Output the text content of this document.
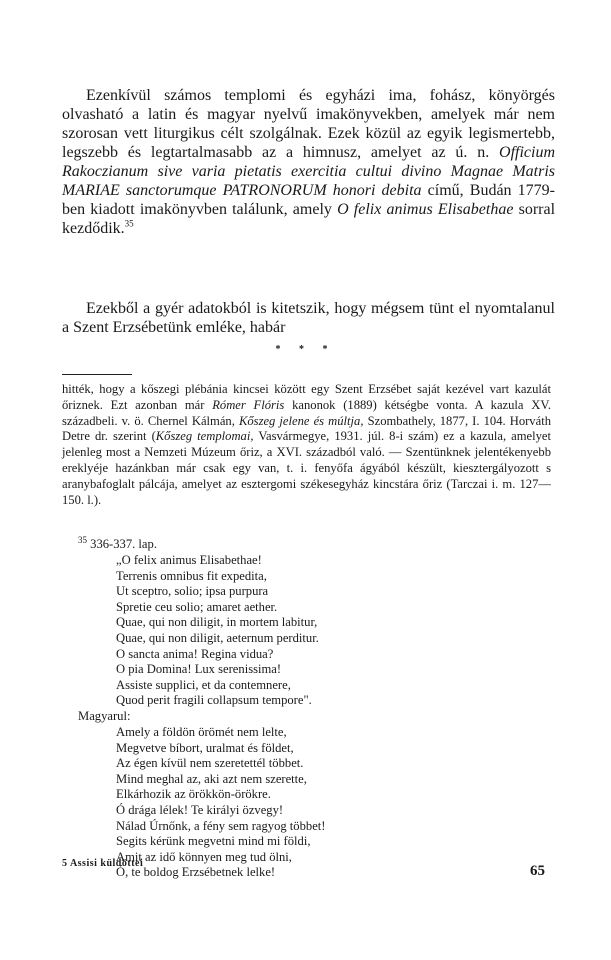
Ezenkívül számos templomi és egyházi ima, fohász, könyörgés olvasható a latin és magyar nyelvű imakönyvekben, amelyek már nem szorosan vett liturgikus célt szolgálnak. Ezek közül az egyik legismertebb, legszebb és legtartalmasabb az a himnusz, amelyet az ú. n. Officium Rakoczianum sive varia pietatis exercitia cultui divino Magnae Matris MARIAE sanctorumque PATRONORUM honori debita című, Budán 1779-ben kiadott imakönyvben találunk, amely O felix animus Elisabethae sorral kezdődik.$^{35}$

* * *

Ezekből a gyér adatokból is kitetszik, hogy mégsem tünt el nyomtalanul a Szent Erzsébetünk emléke, habár

hitték, hogy a kőszegi plébánia kincsei között egy Szent Erzsébet saját kezével vart kazulát őriznek. Ezt azonban már Rómer Flóris kanonok (1889) kétségbe vonta. A kazula XV. századbeli. v. ö. Chernel Kálmán, Kőszeg jelene és múltja, Szombathely, 1877, I. 104. Horváth Detre dr. szerint (Kőszeg templomai, Vasvármegye, 1931. júl. 8-i szám) ez a kazula, amelyet jelenleg most a Nemzeti Múzeum őriz, a XVI. századból való. — Szentünknek jelentékenyebb ereklyéje hazánkban már csak egy van, t. i. fenyőfa ágyából készült, kiesztergályozott s aranybafoglalt pálcája, amelyet az esztergomi székesegyház kincstára őriz (Tarczai i. m. 127—150. l.).

$^{35}$ 336-337. lap.
„O felix animus Elisabethae!
Terrenis omnibus fit expedita,
Ut sceptro, solio; ipsa purpura
Spretie ceu solio; amaret aether.
Quae, qui non diligit, in mortem labitur,
Quae, qui non diligit, aeternum perditur.
O sancta anima! Regina vidua?
O pia Domina! Lux serenissima!
Assiste supplici, et da contemnere,
Quod perit fragili collapsum tempore".
Magyarul:
Amely a földön örömét nem lelte,
Megvetve bíbort, uralmat és földet,
Az égen kívül nem szeretettél többet.
Mind meghal az, aki azt nem szerette,
Elkárhozik az örökkön-örökre.
Ó drága lélek! Te királyi özvegy!
Nálad Úrnőnk, a fény sem ragyog többet!
Segits kérünk megvetni mind mi földi,
Amit az idő könnyen meg tud ölni,
Ó, te boldog Erzsébetnek lelke!
5 Assisi küldöttei	65
